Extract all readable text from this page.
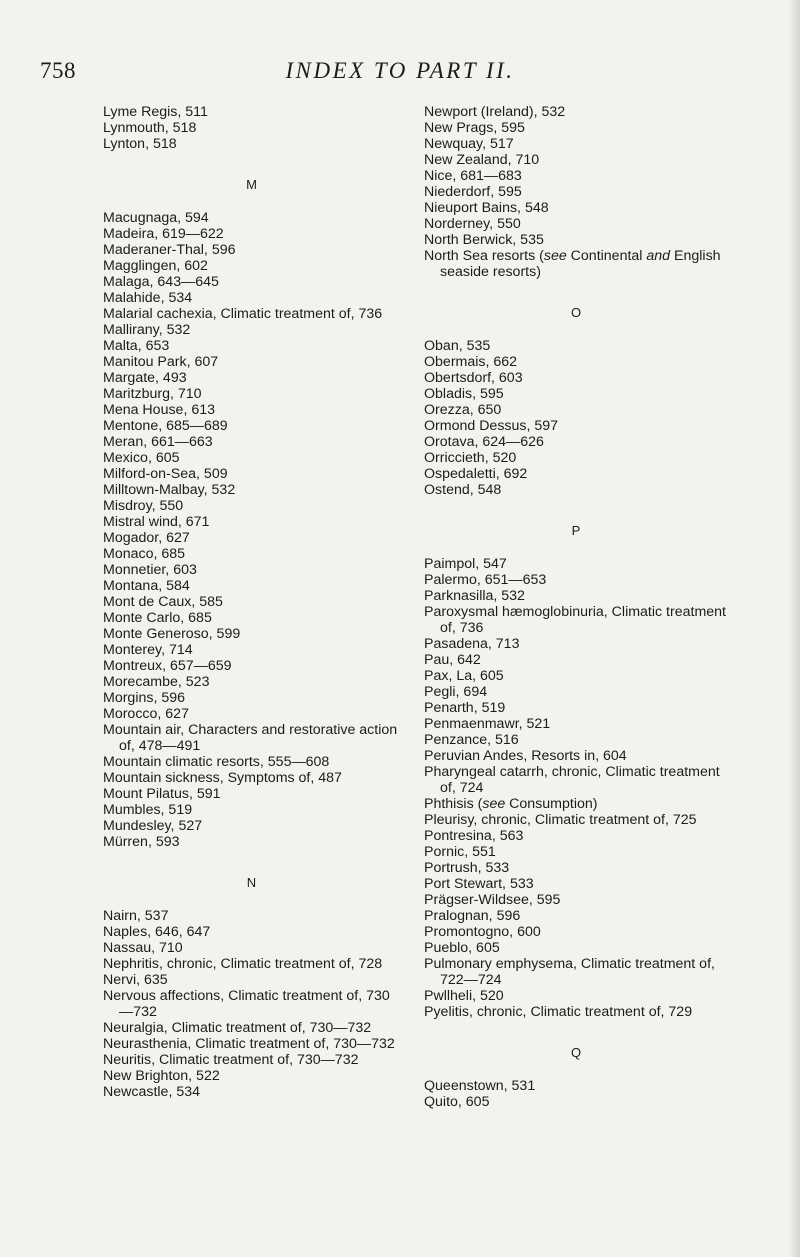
758	INDEX TO PART II.
Lyme Regis, 511
Lynmouth, 518
Lynton, 518
M
Macugnaga, 594
Madeira, 619—622
Maderaner-Thal, 596
Magglingen, 602
Malaga, 643—645
Malahide, 534
Malarial cachexia, Climatic treatment of, 736
Mallirany, 532
Malta, 653
Manitou Park, 607
Margate, 493
Maritzburg, 710
Mena House, 613
Mentone, 685—689
Meran, 661—663
Mexico, 605
Milford-on-Sea, 509
Milltown-Malbay, 532
Misdroy, 550
Mistral wind, 671
Mogador, 627
Monaco, 685
Monnetier, 603
Montana, 584
Mont de Caux, 585
Monte Carlo, 685
Monte Generoso, 599
Monterey, 714
Montreux, 657—659
Morecambe, 523
Morgins, 596
Morocco, 627
Mountain air, Characters and restorative action of, 478—491
Mountain climatic resorts, 555—608
Mountain sickness, Symptoms of, 487
Mount Pilatus, 591
Mumbles, 519
Mundesley, 527
Mürren, 593
N
Nairn, 537
Naples, 646, 647
Nassau, 710
Nephritis, chronic, Climatic treatment of, 728
Nervi, 635
Nervous affections, Climatic treatment of, 730—732
Neuralgia, Climatic treatment of, 730—732
Neurasthenia, Climatic treatment of, 730—732
Neuritis, Climatic treatment of, 730—732
New Brighton, 522
Newcastle, 534
Newport (Ireland), 532
New Prags, 595
Newquay, 517
New Zealand, 710
Nice, 681—683
Niederdorf, 595
Nieuport Bains, 548
Norderney, 550
North Berwick, 535
North Sea resorts (see Continental and English seaside resorts)
O
Oban, 535
Obermais, 662
Obertsdorf, 603
Obladis, 595
Orezza, 650
Ormond Dessus, 597
Orotava, 624—626
Orriccieth, 520
Ospedaletti, 692
Ostend, 548
P
Paimpol, 547
Palermo, 651—653
Parknasilla, 532
Paroxysmal hæmoglobinuria, Climatic treatment of, 736
Pasadena, 713
Pau, 642
Pax, La, 605
Pegli, 694
Penarth, 519
Penmaenmawr, 521
Penzance, 516
Peruvian Andes, Resorts in, 604
Pharyngeal catarrh, chronic, Climatic treatment of, 724
Phthisis (see Consumption)
Pleurisy, chronic, Climatic treatment of, 725
Pontresina, 563
Pornic, 551
Portrush, 533
Port Stewart, 533
Prägser-Wildsee, 595
Pralognan, 596
Promontogno, 600
Pueblo, 605
Pulmonary emphysema, Climatic treatment of, 722—724
Pwllheli, 520
Pyelitis, chronic, Climatic treatment of, 729
Q
Queenstown, 531
Quito, 605
